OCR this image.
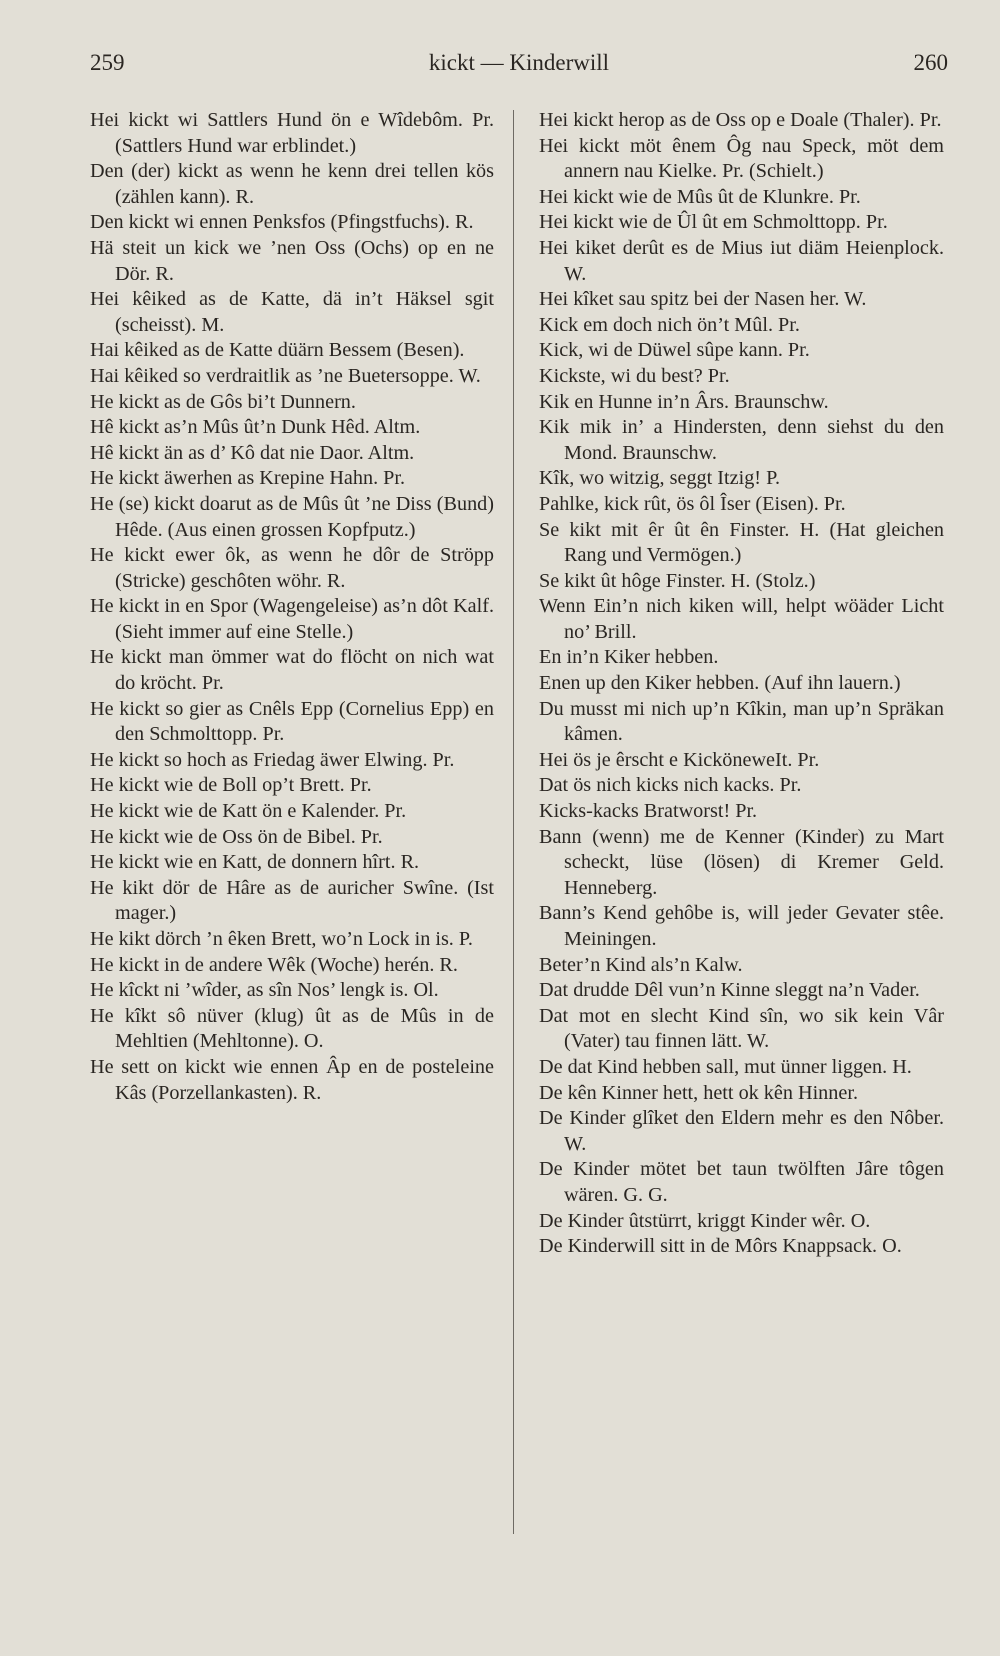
259	kickt — Kinderwill	260

Hei kickt wi Sattlers Hund ön e Wîdebôm. Pr. (Sattlers Hund war erblindet.)

Den (der) kickt as wenn he kenn drei tellen kös (zählen kann). R.

Den kickt wi ennen Penksfos (Pfingstfuchs). R.

Hä steit un kick we ’nen Oss (Ochs) op en ne Dör. R.

Hei kêiked as de Katte, dä in’t Häksel sgit (scheisst). M.

Hai kêiked as de Katte düärn Bessem (Besen).

Hai kêiked so verdraitlik as ’ne Buetersoppe. W.

He kickt as de Gôs bi’t Dunnern.

Hê kickt as’n Mûs ût’n Dunk Hêd. Altm.

Hê kickt än as d’ Kô dat nie Daor. Altm.

He kickt äwerhen as Krepine Hahn. Pr.

He (se) kickt doarut as de Mûs ût ’ne Diss (Bund) Hêde. (Aus einen grossen Kopfputz.)

He kickt ewer ôk, as wenn he dôr de Ströpp (Stricke) geschôten wöhr. R.

He kickt in en Spor (Wagengeleise) as’n dôt Kalf. (Sieht immer auf eine Stelle.)

He kickt man ömmer wat do flöcht on nich wat do kröcht. Pr.

He kickt so gier as Cnêls Epp (Cornelius Epp) en den Schmolttopp. Pr.

He kickt so hoch as Friedag äwer Elwing. Pr.

He kickt wie de Boll op’t Brett. Pr.

He kickt wie de Katt ön e Kalender. Pr.

He kickt wie de Oss ön de Bibel. Pr.

He kickt wie en Katt, de donnern hîrt. R.

He kikt dör de Hâre as de auricher Swîne. (Ist mager.)

He kikt dörch ’n êken Brett, wo’n Lock in is. P.

He kickt in de andere Wêk (Woche) herén. R.

He kîckt ni ’wîder, as sîn Nos’ lengk is. Ol.

He kîkt sô nüver (klug) ût as de Mûs in de Mehltien (Mehltonne). O.

He sett on kickt wie ennen Âp en de posteleine Kâs (Porzellankasten). R.

Hei kickt herop as de Oss op e Doale (Thaler). Pr.

Hei kickt möt ênem Ôg nau Speck, möt dem annern nau Kielke. Pr. (Schielt.)

Hei kickt wie de Mûs ût de Klunkre. Pr.

Hei kickt wie de Ûl ût em Schmolttopp. Pr.

Hei kiket derût es de Mius iut diäm Heienplock. W.

Hei kîket sau spitz bei der Nasen her. W.

Kick em doch nich ön’t Mûl. Pr.

Kick, wi de Düwel sûpe kann. Pr.

Kickste, wi du best? Pr.

Kik en Hunne in’n Ârs. Braunschw.

Kik mik in’ a Hindersten, denn siehst du den Mond. Braunschw.

Kîk, wo witzig, seggt Itzig! P.

Pahlke, kick rût, ös ôl Îser (Eisen). Pr.

Se kikt mit êr ût ên Finster. H. (Hat gleichen Rang und Vermögen.)

Se kikt ût hôge Finster. H. (Stolz.)

Wenn Ein’n nich kiken will, helpt wöäder Licht no’ Brill.

En in’n Kiker hebben.

Enen up den Kiker hebben. (Auf ihn lauern.)

Du musst mi nich up’n Kîkin, man up’n Spräkan kâmen.

Hei ös je êrscht e KicköneweIt. Pr.

Dat ös nich kicks nich kacks. Pr.

Kicks-kacks Bratworst! Pr.

Bann (wenn) me de Kenner (Kinder) zu Mart scheckt, lüse (lösen) di Kremer Geld. Henneberg.

Bann’s Kend gehôbe is, will jeder Gevater stêe. Meiningen.

Beter’n Kind als’n Kalw.

Dat drudde Dêl vun’n Kinne sleggt na’n Vader.

Dat mot en slecht Kind sîn, wo sik kein Vâr (Vater) tau finnen lätt. W.

De dat Kind hebben sall, mut ünner liggen. H.

De kên Kinner hett, hett ok kên Hinner.

De Kinder glîket den Eldern mehr es den Nôber. W.

De Kinder mötet bet taun twölften Jâre tôgen wären. G. G.

De Kinder ûtstürrt, kriggt Kinder wêr. O.

De Kinderwill sitt in de Môrs Knappsack. O.
